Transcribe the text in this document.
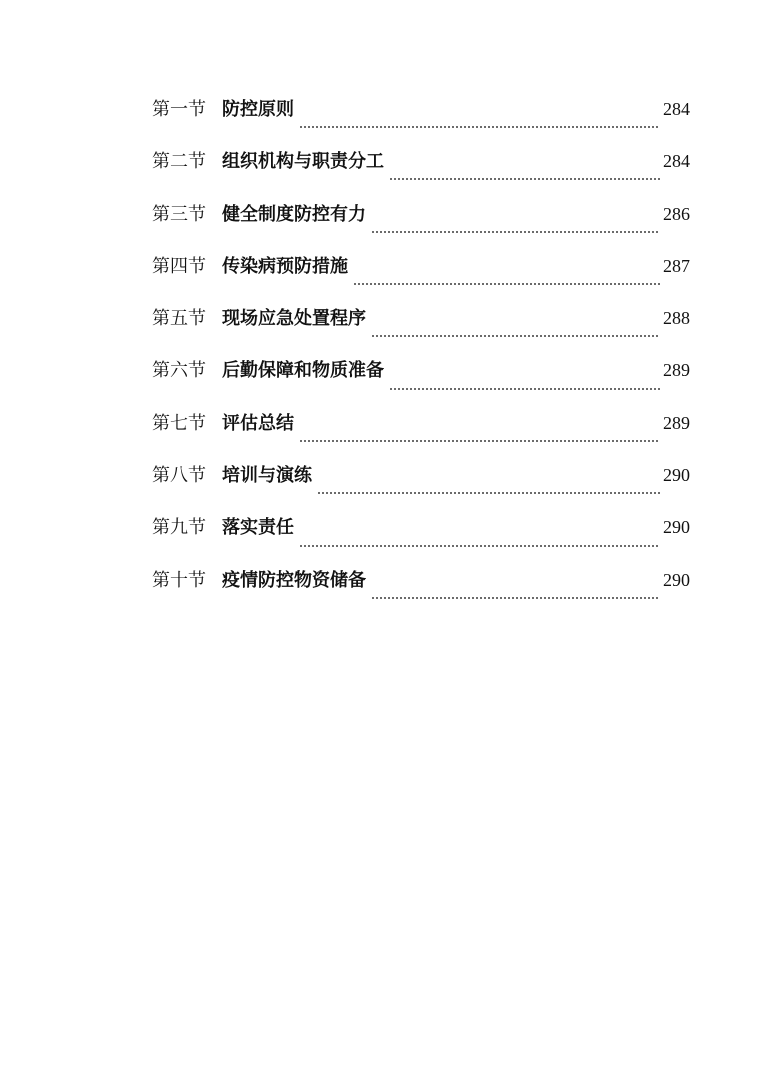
第一节 防控原则	284
第二节 组织机构与职责分工	284
第三节 健全制度防控有力	286
第四节 传染病预防措施	287
第五节 现场应急处置程序	288
第六节 后勤保障和物质准备	289
第七节 评估总结	289
第八节 培训与演练	290
第九节 落实责任	290
第十节 疫情防控物资储备	290
